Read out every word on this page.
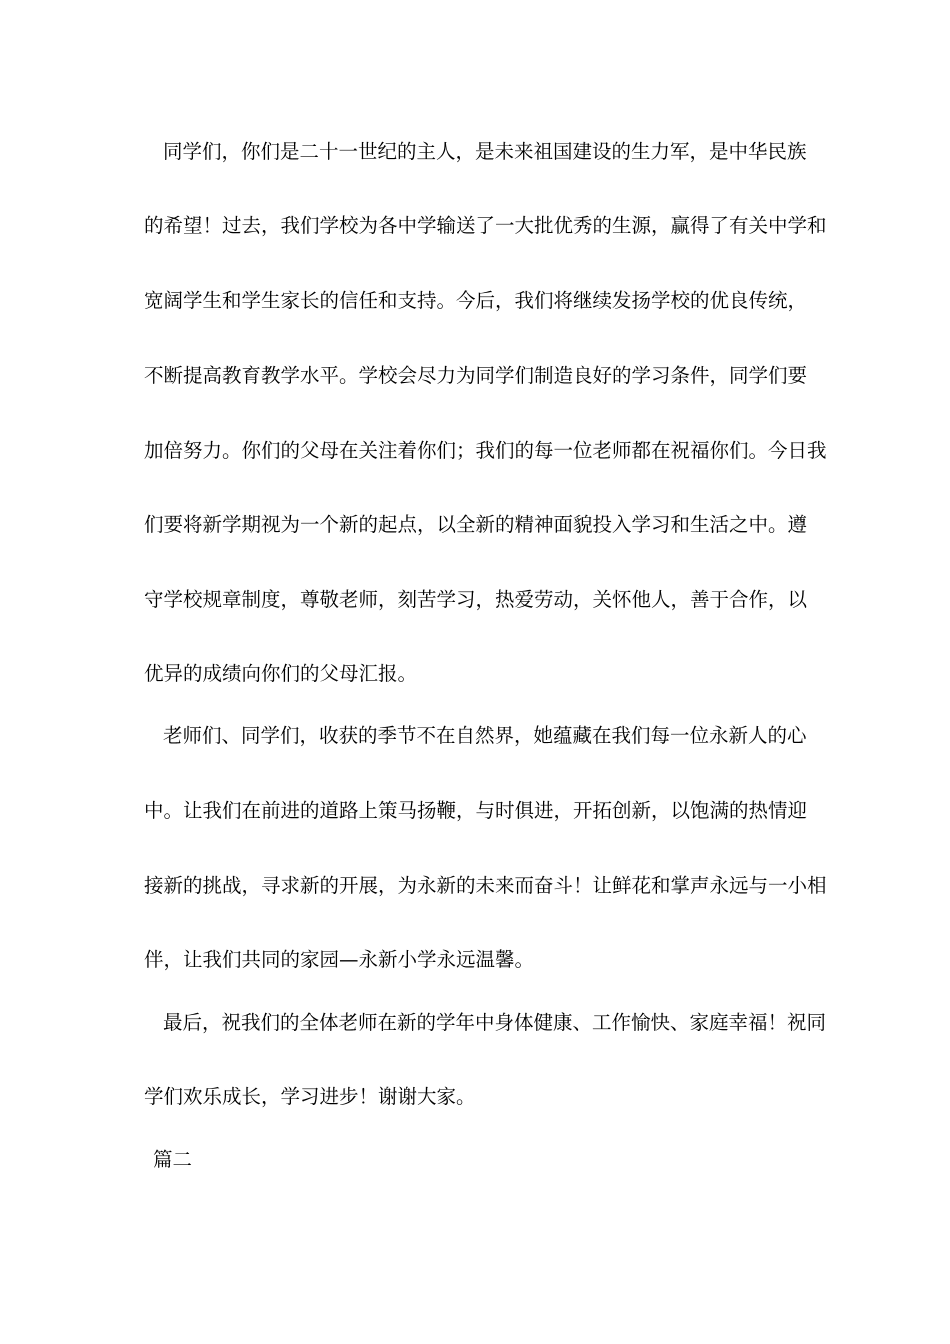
同学们，你们是二十一世纪的主人，是未来祖国建设的生力军，是中华民族
的希望！过去，我们学校为各中学输送了一大批优秀的生源，赢得了有关中学和
宽阔学生和学生家长的信任和支持。今后，我们将继续发扬学校的优良传统，
不断提高教育教学水平。学校会尽力为同学们制造良好的学习条件，同学们要
加倍努力。你们的父母在关注着你们；我们的每一位老师都在祝福你们。今日我
们要将新学期视为一个新的起点，以全新的精神面貌投入学习和生活之中。遵
守学校规章制度，尊敬老师，刻苦学习，热爱劳动，关怀他人，善于合作，以
优异的成绩向你们的父母汇报。
老师们、同学们，收获的季节不在自然界，她蕴藏在我们每一位永新人的心
中。让我们在前进的道路上策马扬鞭，与时俱进，开拓创新，以饱满的热情迎
接新的挑战，寻求新的开展，为永新的未来而奋斗！让鲜花和掌声永远与一小相
伴，让我们共同的家园—永新小学永远温馨。
最后，祝我们的全体老师在新的学年中身体健康、工作愉快、家庭幸福！祝同
学们欢乐成长，学习进步！谢谢大家。
篇二
